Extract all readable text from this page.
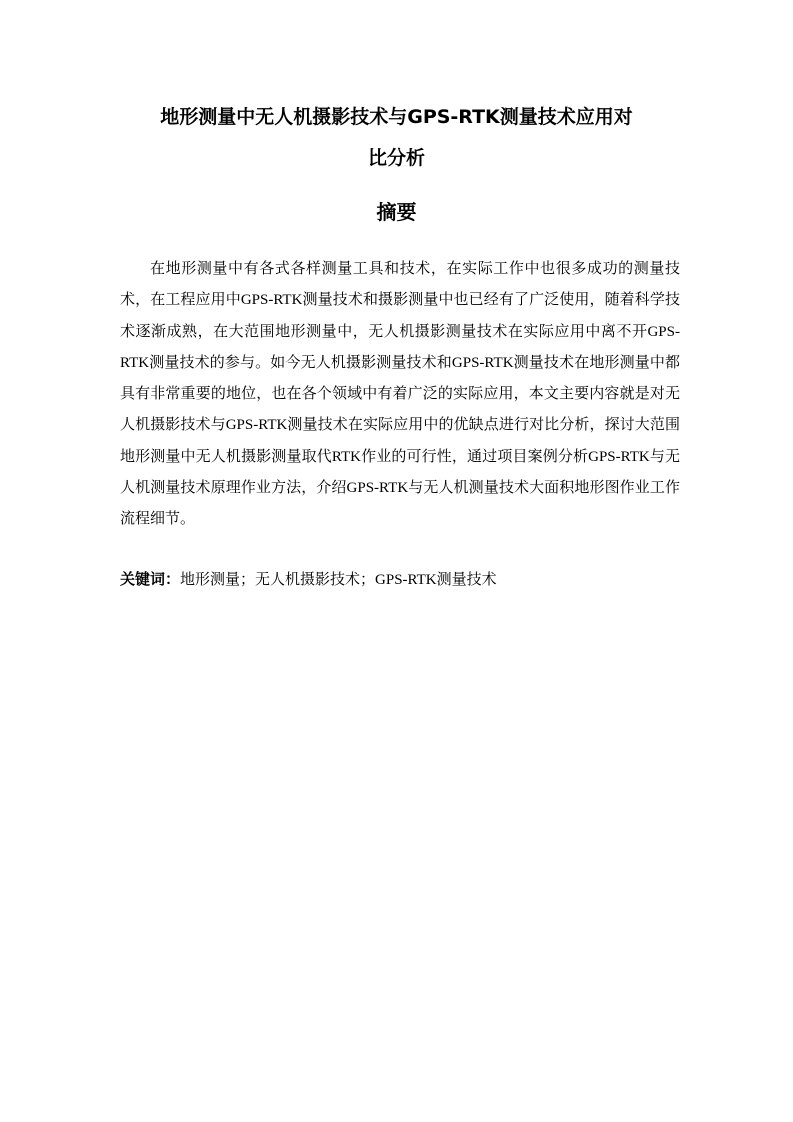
地形测量中无人机摄影技术与GPS-RTK测量技术应用对
比分析
摘要

在地形测量中有各式各样测量工具和技术，在实际工作中也很多成功的测量技术，在工程应用中GPS-RTK测量技术和摄影测量中也已经有了广泛使用，随着科学技术逐渐成熟，在大范围地形测量中，无人机摄影测量技术在实际应用中离不开GPS-RTK测量技术的参与。如今无人机摄影测量技术和GPS-RTK测量技术在地形测量中都具有非常重要的地位，也在各个领域中有着广泛的实际应用，本文主要内容就是对无人机摄影技术与GPS-RTK测量技术在实际应用中的优缺点进行对比分析，探讨大范围地形测量中无人机摄影测量取代RTK作业的可行性，通过项目案例分析GPS-RTK与无人机测量技术原理作业方法，介绍GPS-RTK与无人机测量技术大面积地形图作业工作流程细节。

关键词：地形测量；无人机摄影技术；GPS-RTK测量技术
